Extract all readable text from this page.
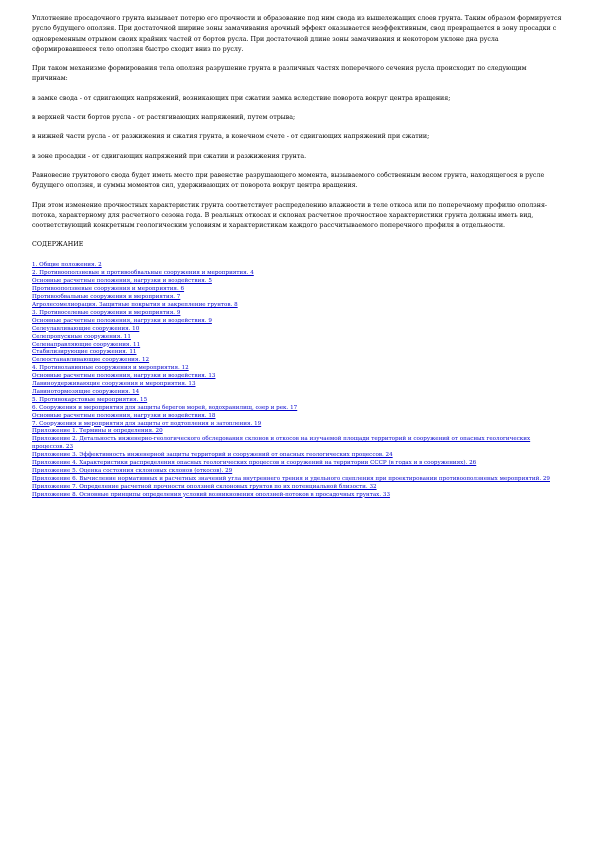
Уплотнение просадочного грунта вызывает потерю его прочности и образование под ним свода из вышележащих слоев грунта. Таким образом формируется русло будущего оползня. При достаточной ширине зоны замачивания арочный эффект оказывается неэффективным, свод превращается в зону просадки с одновременным отрывом своих крайних частей от бортов русла. При достаточной длине зоны замачивания и некотором уклоне дна русла сформировавшееся тело оползня быстро сходит вниз по руслу.

При таком механизме формирования тела оползня разрушение грунта в различных частях поперечного сечения русла происходит по следующим причинам:

в замке свода - от сдвигающих напряжений, возникающих при сжатии замка вследствие поворота вокруг центра вращения;

в верхней части бортов русла - от растягивающих напряжений, путем отрыва;

в нижней части русла - от разжижения и сжатия грунта, в конечном счете - от сдвигающих напряжений при сжатии;

в зоне просадки - от сдвигающих напряжений при сжатии и разжижения грунта.

Равновесие грунтового свода будет иметь место при равенстве разрушающего момента, вызываемого собственным весом грунта, находящегося в русле будущего оползня, и суммы моментов сил, удерживающих от поворота вокруг центра вращения.

При этом изменение прочностных характеристик грунта соответствует распределению влажности в теле откоса или по поперечному профилю оползня-потока, характерному для расчетного сезона года. В реальных откосах и склонах расчетное прочностное характеристики грунта должны иметь вид, соответствующий конкретным геологическим условиям и характеристикам каждого рассчитываемого поперечного профиля в отдельности.

СОДЕРЖАНИЕ
1. Общие положения. 2
2. Противооползневые и противообвальные сооружения и мероприятия. 4
Основные расчетные положения, нагрузки и воздействия. 5
Противооползневые сооружения и мероприятия. 6
Противообвальные сооружения и мероприятия. 7
Агролесомелиорация. Защитные покрытия и закрепление грунтов. 8
3. Противоселевые сооружения и мероприятия. 9
Основные расчетные положения, нагрузки и воздействия. 9
Селеулавливающие сооружения. 10
Селепропускные сооружения. 11
Селенаправляющие сооружения. 11
Стабилизирующие сооружения. 11
Селеостанавливающие сооружения. 12
4. Противолавинные сооружения и мероприятия. 12
Основные расчетные положения, нагрузки и воздействия. 13
Лавиноудерживающие сооружения и мероприятия. 13
Лавинотормозящие сооружения. 14
5. Противокарстовые мероприятия. 15
6. Сооружения и мероприятия для защиты берегов морей, водохранилищ, озер и рек. 17
Основные расчетные положения, нагрузки и воздействия. 18
7. Сооружения и мероприятия для защиты от подтопления и затопления. 19
Приложение 1. Термины и определения. 20
Приложение 2. Детальность инженерно-геологического обследования склонов и откосов на изучаемой площади территорий и сооружений от опасных геологических процессов. 23
Приложение 3. Эффективность инженерной защиты территорий и сооружений от опасных геологических процессов. 24
Приложение 4. Характеристики распределения опасных геологических процессов и сооружений на территории СССР (в годах и в сооружениях). 26
Приложение 5. Оценка состояния склоновых склонов (откосов). 29
Приложение 6. Вычисление нормативных и расчетных значений угла внутреннего трения и удельного сцепления при проектировании противооползневых мероприятий. 29
Приложение 7. Определение расчетной прочности оползней склоновых грунтов по их потенциальной близости. 32
Приложение 8. Основные принципы определения условий возникновения оползней-потоков в просадочных грунтах. 33
